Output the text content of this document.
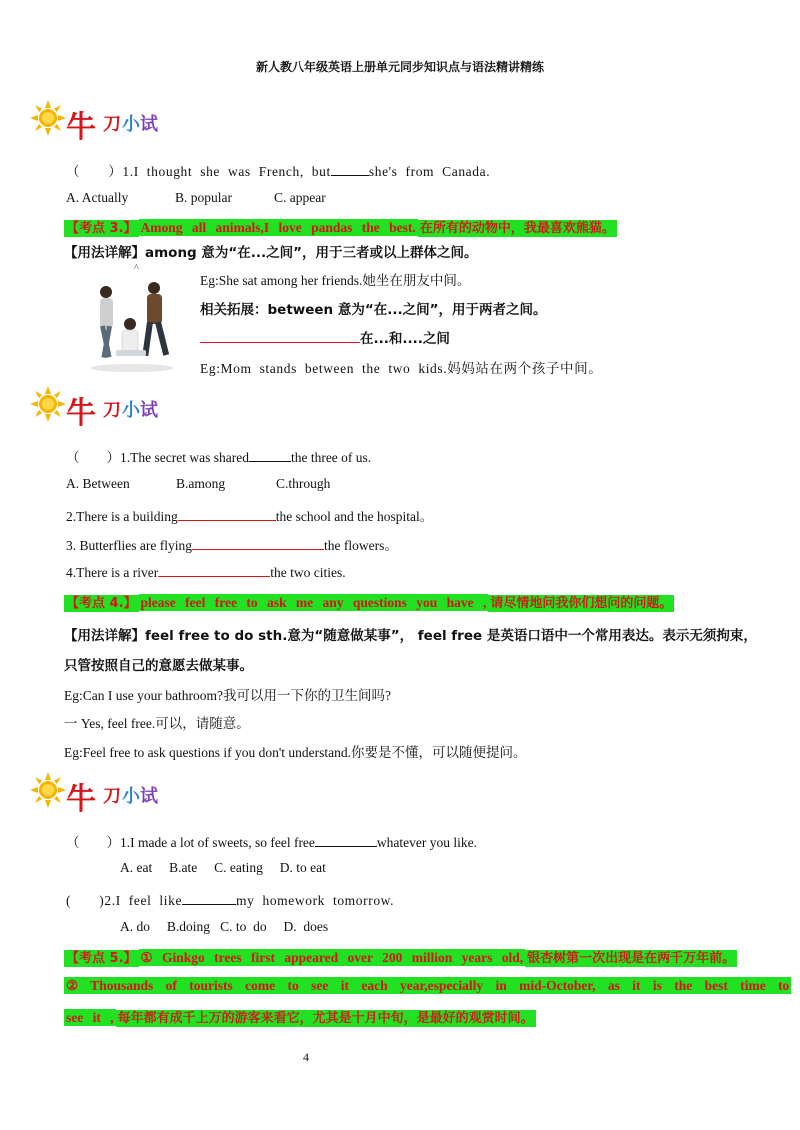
新人教八年级英语上册单元同步知识点与语法精讲精练
牛 刀 小 试
（　　）1.I thought she was French, but	she's from Canada.
A. Actually	B. popular	C. appear
【考点 3.】 Among all animals,I love pandas the best. 在所有的动物中，我最喜欢熊猫。
【用法详解】among 意为“在...之间”，用于三者或以上群体之间。
^
Eg:She sat among her friends.她坐在朋友中间。
相关拓展：between 意为“在...之间”，用于两者之间。
在...和....之间
Eg:Mom stands between the two kids.妈妈站在两个孩子中间。
牛 刀 小 试
（　　）1.The secret was shared	the three of us.
A. Between	B.among	C.through
2.There is a building	the school and the hospital。
3. Butterflies are flying	the flowers。
4.There is a river	the two cities.
【考点 4.】 please feel free to ask me any questions you have , 请尽情地问我你们想问的问题。
【用法详解】feel free to do sth.意为“随意做某事”， feel free 是英语口语中一个常用表达。表示无须拘束，
只管按照自己的意愿去做某事。
Eg:Can I use your bathroom?我可以用一下你的卫生间吗?
一 Yes, feel free.可以，请随意。
Eg:Feel free to ask questions if you don't understand.你要是不懂，可以随便提问。
牛 刀 小 试
（　　）1.I made a lot of sweets, so feel free	whatever you like.
A. eat     B.ate     C. eating     D. to eat
(　　)2.I feel like	my homework tomorrow.
A. do     B.doing   C. to  do     D.  does
【考点 5.】 ① Ginkgo trees first appeared over 200 million years old, 银杏树第一次出现是在两千万年前。
② Thousands of tourists come to see it each year,especially in mid-October, as it is the best time to
see it , 每年都有成千上万的游客来看它，尤其是十月中旬，是最好的观赏时间。
4
